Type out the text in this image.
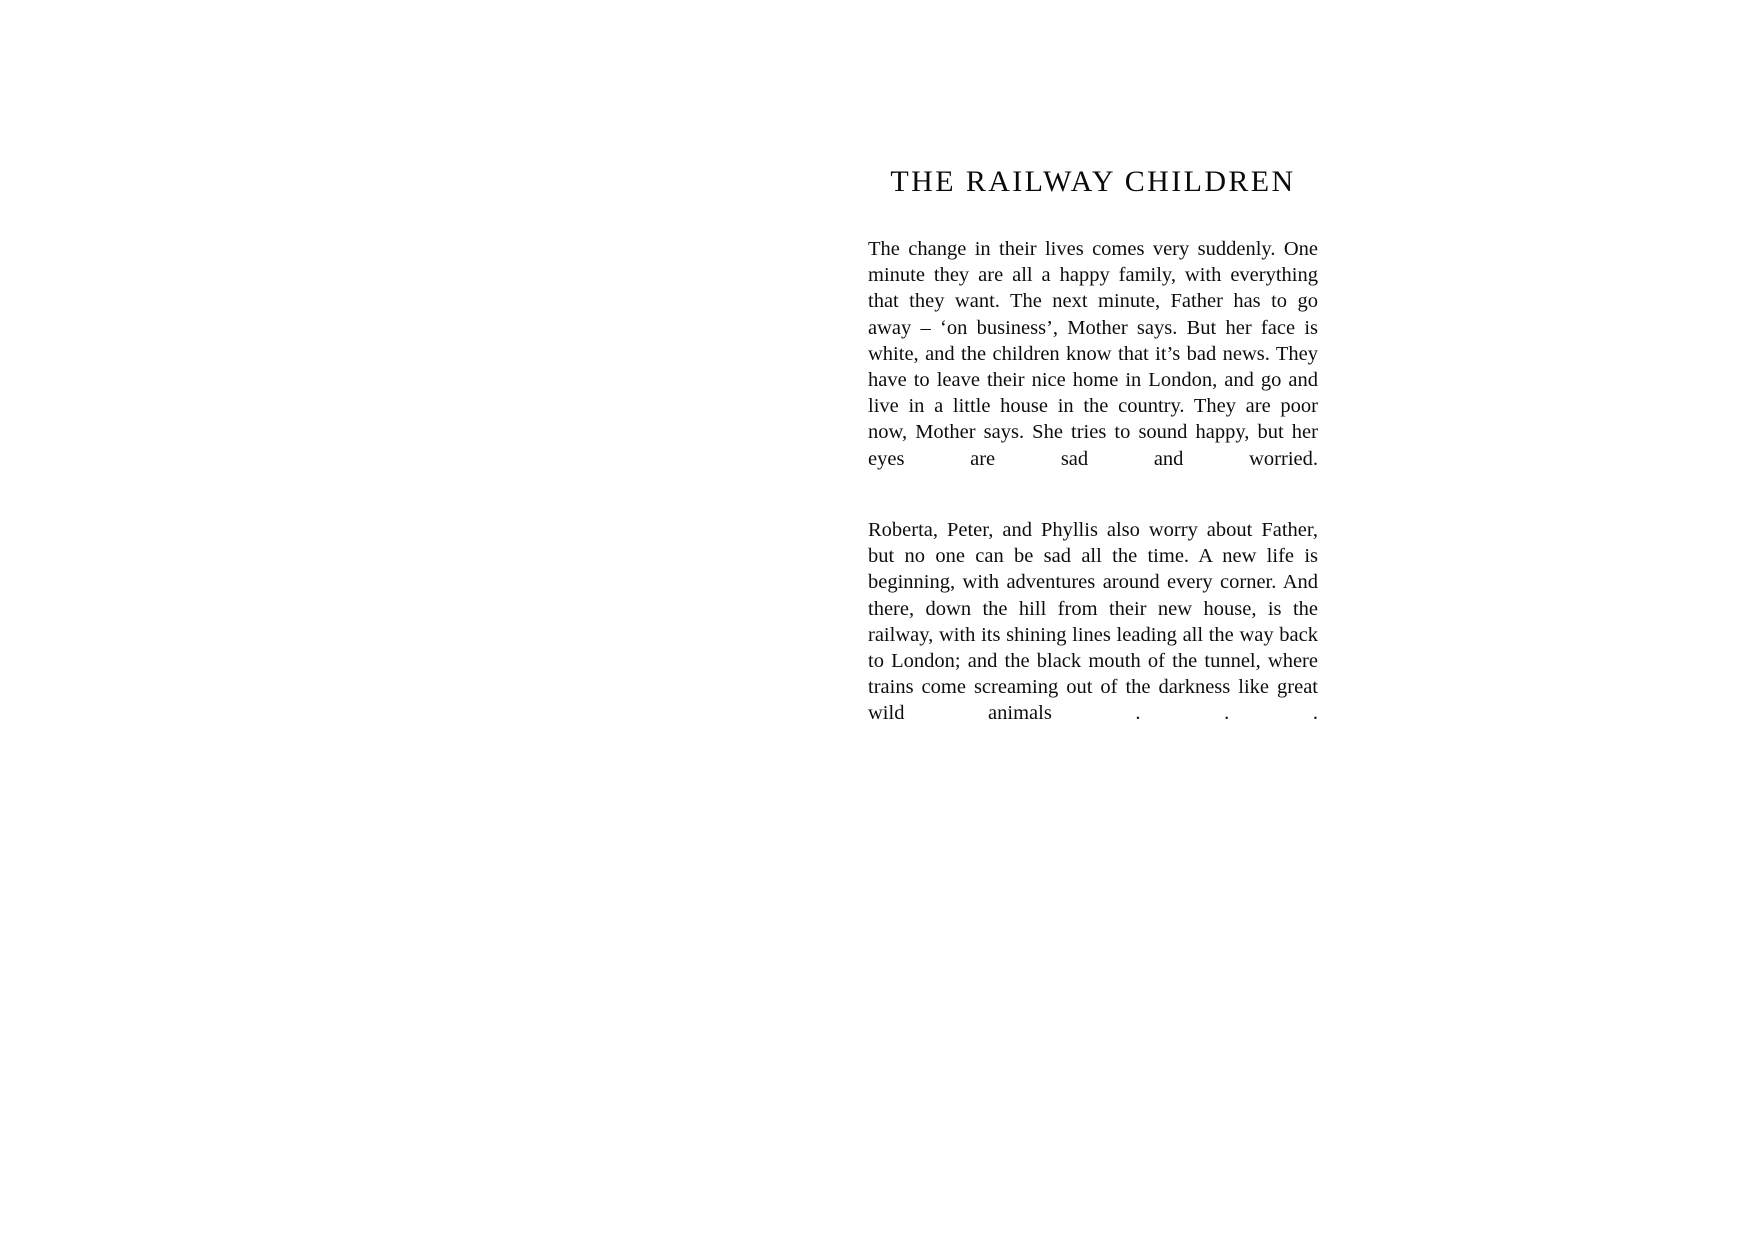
THE RAILWAY CHILDREN

The change in their lives comes very suddenly. One minute they are all a happy family, with everything that they want. The next minute, Father has to go away – ‘on business’, Mother says. But her face is white, and the children know that it’s bad news. They have to leave their nice home in London, and go and live in a little house in the country. They are poor now, Mother says. She tries to sound happy, but her eyes are sad and worried.

Roberta, Peter, and Phyllis also worry about Father, but no one can be sad all the time. A new life is beginning, with adventures around every corner. And there, down the hill from their new house, is the railway, with its shining lines leading all the way back to London; and the black mouth of the tunnel, where trains come screaming out of the darkness like great wild animals . . .
